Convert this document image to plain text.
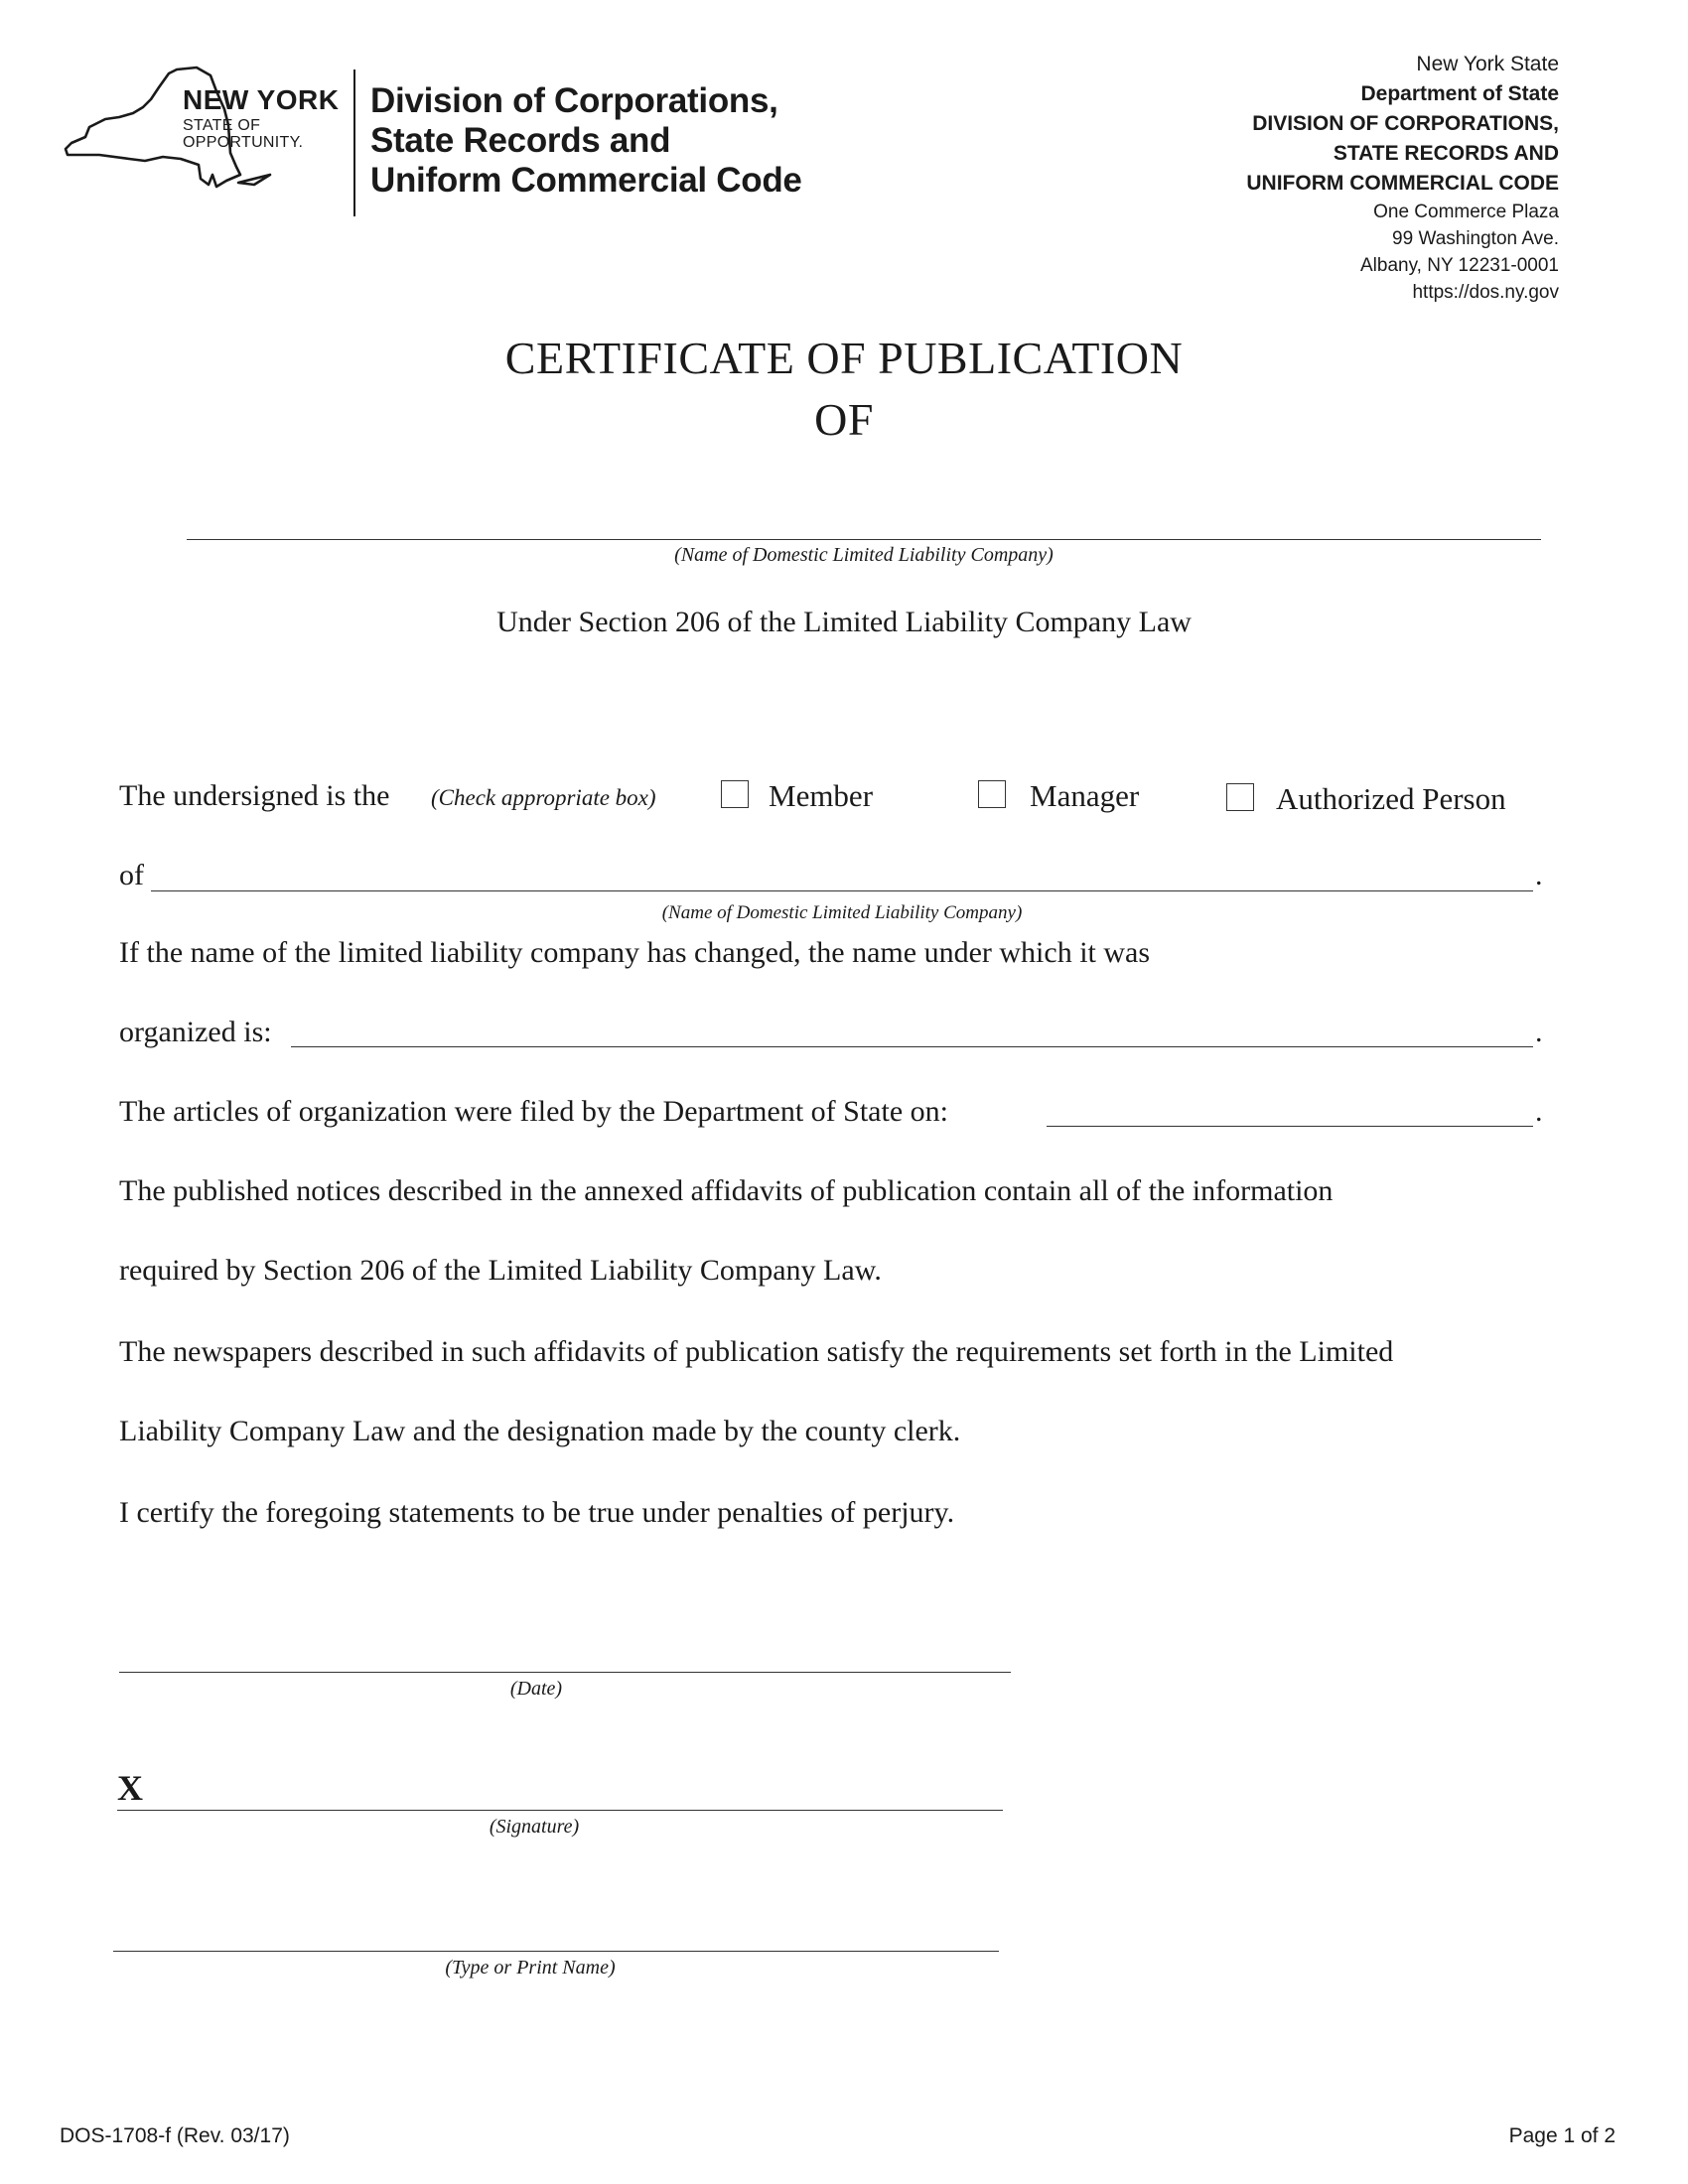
NEW YORK
STATE OF
OPPORTUNITY.
Division of Corporations,
State Records and
Uniform Commercial Code
New York State
Department of State
DIVISION OF CORPORATIONS,
STATE RECORDS AND
UNIFORM COMMERCIAL CODE
One Commerce Plaza
99 Washington Ave.
Albany, NY 12231-0001
https://dos.ny.gov
CERTIFICATE OF PUBLICATION
OF
(Name of Domestic Limited Liability Company)
Under Section 206 of the Limited Liability Company Law
The undersigned is the (Check appropriate box)	Member	Manager	Authorized Person
of	.
(Name of Domestic Limited Liability Company)
If the name of the limited liability company has changed, the name under which it was
organized is:	.
The articles of organization were filed by the Department of State on:	.
The published notices described in the annexed affidavits of publication contain all of the information
required by Section 206 of the Limited Liability Company Law.
The newspapers described in such affidavits of publication satisfy the requirements set forth in the Limited
Liability Company Law and the designation made by the county clerk.
I certify the foregoing statements to be true under penalties of perjury.
(Date)
X
(Signature)
(Type or Print Name)
DOS-1708-f (Rev. 03/17)	Page 1 of 2
